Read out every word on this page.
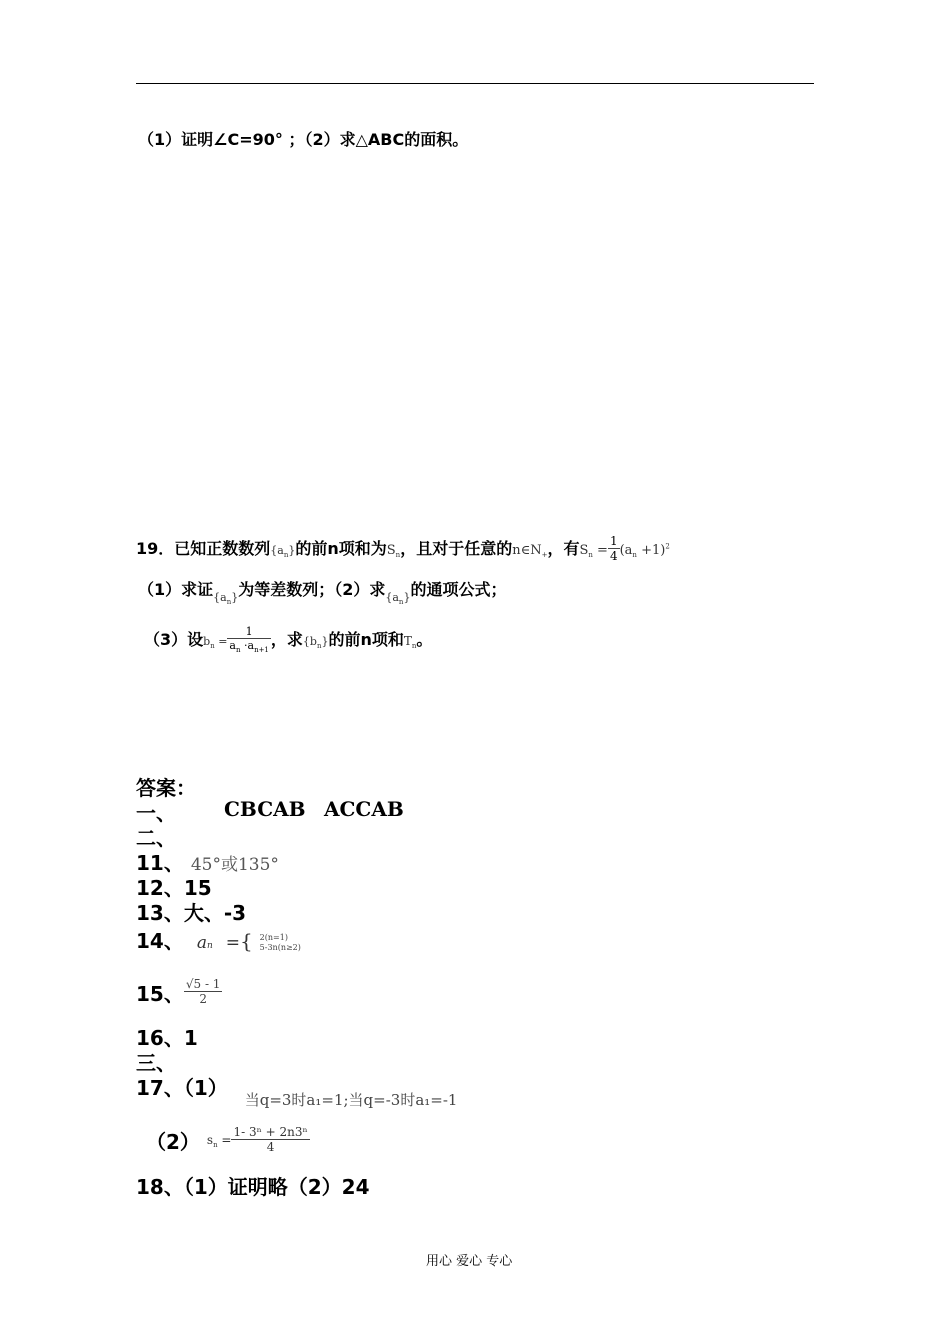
（1）证明∠C=90° ；（2）求△ABC的面积。
19．已知正数数列$\{a_n\}$的前n项和为$S_n$，且对于任意的$n\in N_+$，有$S_n = \frac{1}{4} (a_n +1)^2$
（1）求证$_{\{a_n\}}$为等差数列；（2）求$_{\{a_n\}}$的通项公式；
（3）设$b_n = \frac{1}{a_n \cdot a_{n+1}}$ ，求$\{b_n\}$的前n项和$T_n$。
答案：
一、 CBCAB ACCAB
二、
11、 45°或135°
12、15
13、大、-3
14、 an ={ 2(n=1)
5-3n(n≥2)
15、 $\frac{√5 - 1}{2}$
16、1
三、
17、（1） $_{当q=3时a_1=1;当q=-3时a_1=-1}$
（2） $s_n = \frac{\text{1- 3ⁿ + 2n3ⁿ}}{4}$
18、（1）证明略（2）24
用心 爱心 专心
